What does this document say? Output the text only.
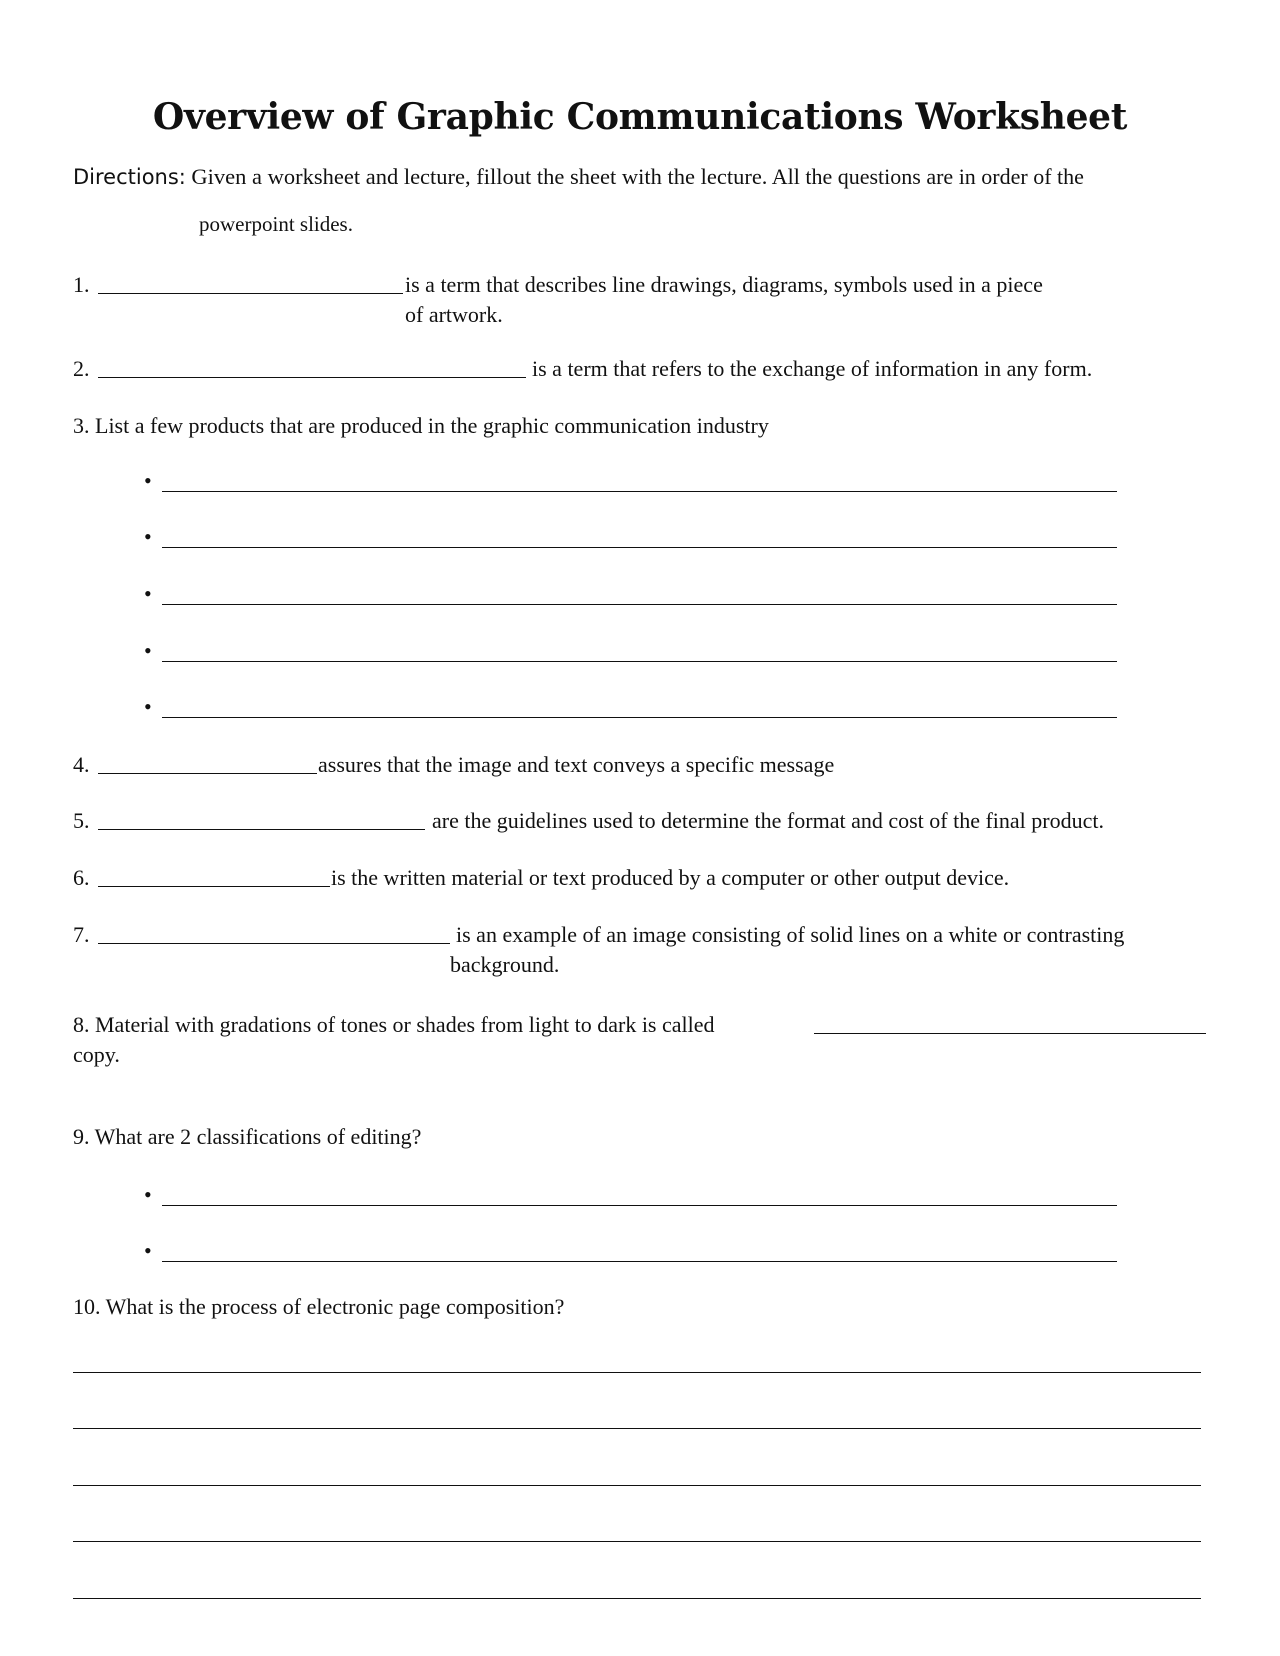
Overview of Graphic Communications Worksheet
Directions: Given a worksheet and lecture, fillout the sheet with the lecture. All the questions are in order of the
powerpoint slides.
1.	is a term that describes line drawings, diagrams, symbols used in a piece
of artwork.
2.	is a term that refers to the exchange of information in any form.
3. List a few products that are produced in the graphic communication industry
•
•
•
•
•
4.	assures that the image and text conveys a specific message
5.	are the guidelines used to determine the format and cost of the final product.
6.	is the written material or text produced by a computer or other output device.
7.	is an example of an image consisting of solid lines on a white or contrasting
background.
8. Material with gradations of tones or shades from light to dark is called
copy.
9. What are 2 classifications of editing?
•
•
10. What is the process of electronic page composition?
